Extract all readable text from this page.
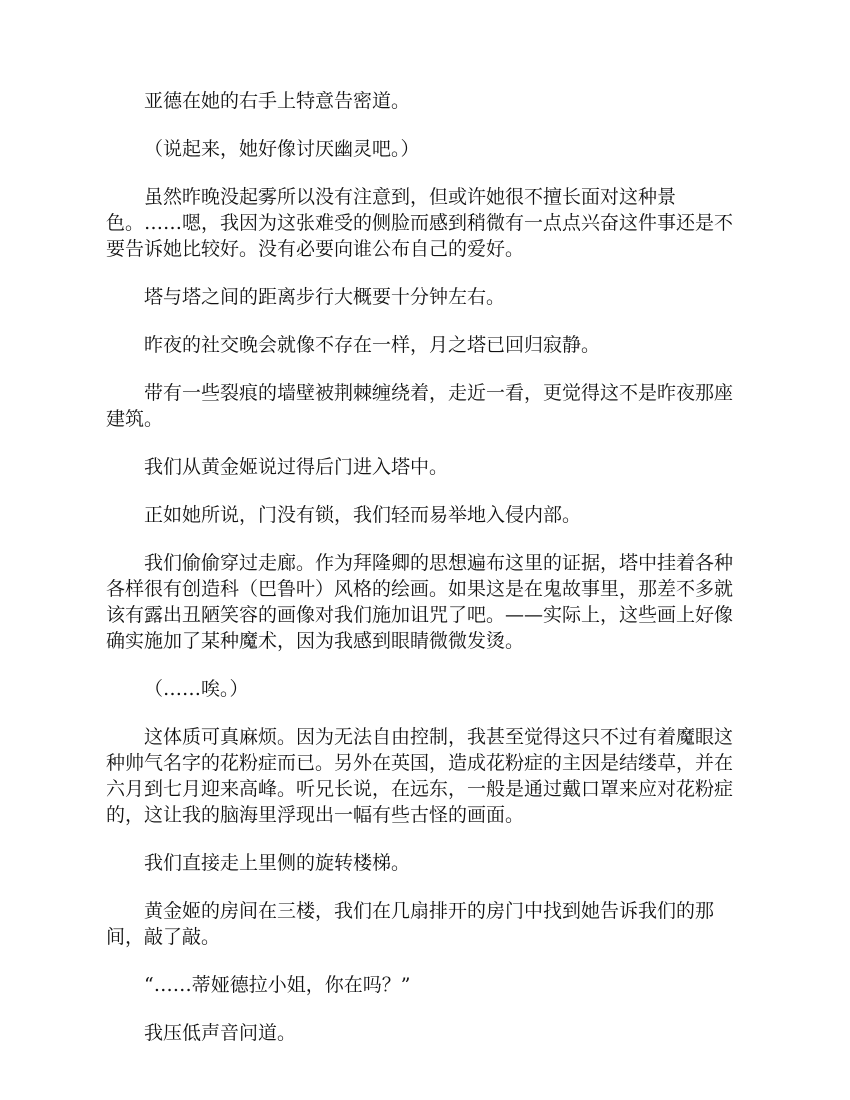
亚德在她的右手上特意告密道。

（说起来，她好像讨厌幽灵吧。）

虽然昨晚没起雾所以没有注意到，但或许她很不擅长面对这种景色。……嗯，我因为这张难受的侧脸而感到稍微有一点点兴奋这件事还是不要告诉她比较好。没有必要向谁公布自己的爱好。

塔与塔之间的距离步行大概要十分钟左右。

昨夜的社交晚会就像不存在一样，月之塔已回归寂静。

带有一些裂痕的墙壁被荆棘缠绕着，走近一看，更觉得这不是昨夜那座建筑。

我们从黄金姬说过得后门进入塔中。

正如她所说，门没有锁，我们轻而易举地入侵内部。

我们偷偷穿过走廊。作为拜隆卿的思想遍布这里的证据，塔中挂着各种各样很有创造科（巴鲁叶）风格的绘画。如果这是在鬼故事里，那差不多就该有露出丑陋笑容的画像对我们施加诅咒了吧。——实际上，这些画上好像确实施加了某种魔术，因为我感到眼睛微微发烫。

（……唉。）

这体质可真麻烦。因为无法自由控制，我甚至觉得这只不过有着魔眼这种帅气名字的花粉症而已。另外在英国，造成花粉症的主因是结缕草，并在六月到七月迎来高峰。听兄长说，在远东，一般是通过戴口罩来应对花粉症的，这让我的脑海里浮现出一幅有些古怪的画面。

我们直接走上里侧的旋转楼梯。

黄金姬的房间在三楼，我们在几扇排开的房门中找到她告诉我们的那间，敲了敲。

“……蒂娅德拉小姐，你在吗？”

我压低声音问道。
